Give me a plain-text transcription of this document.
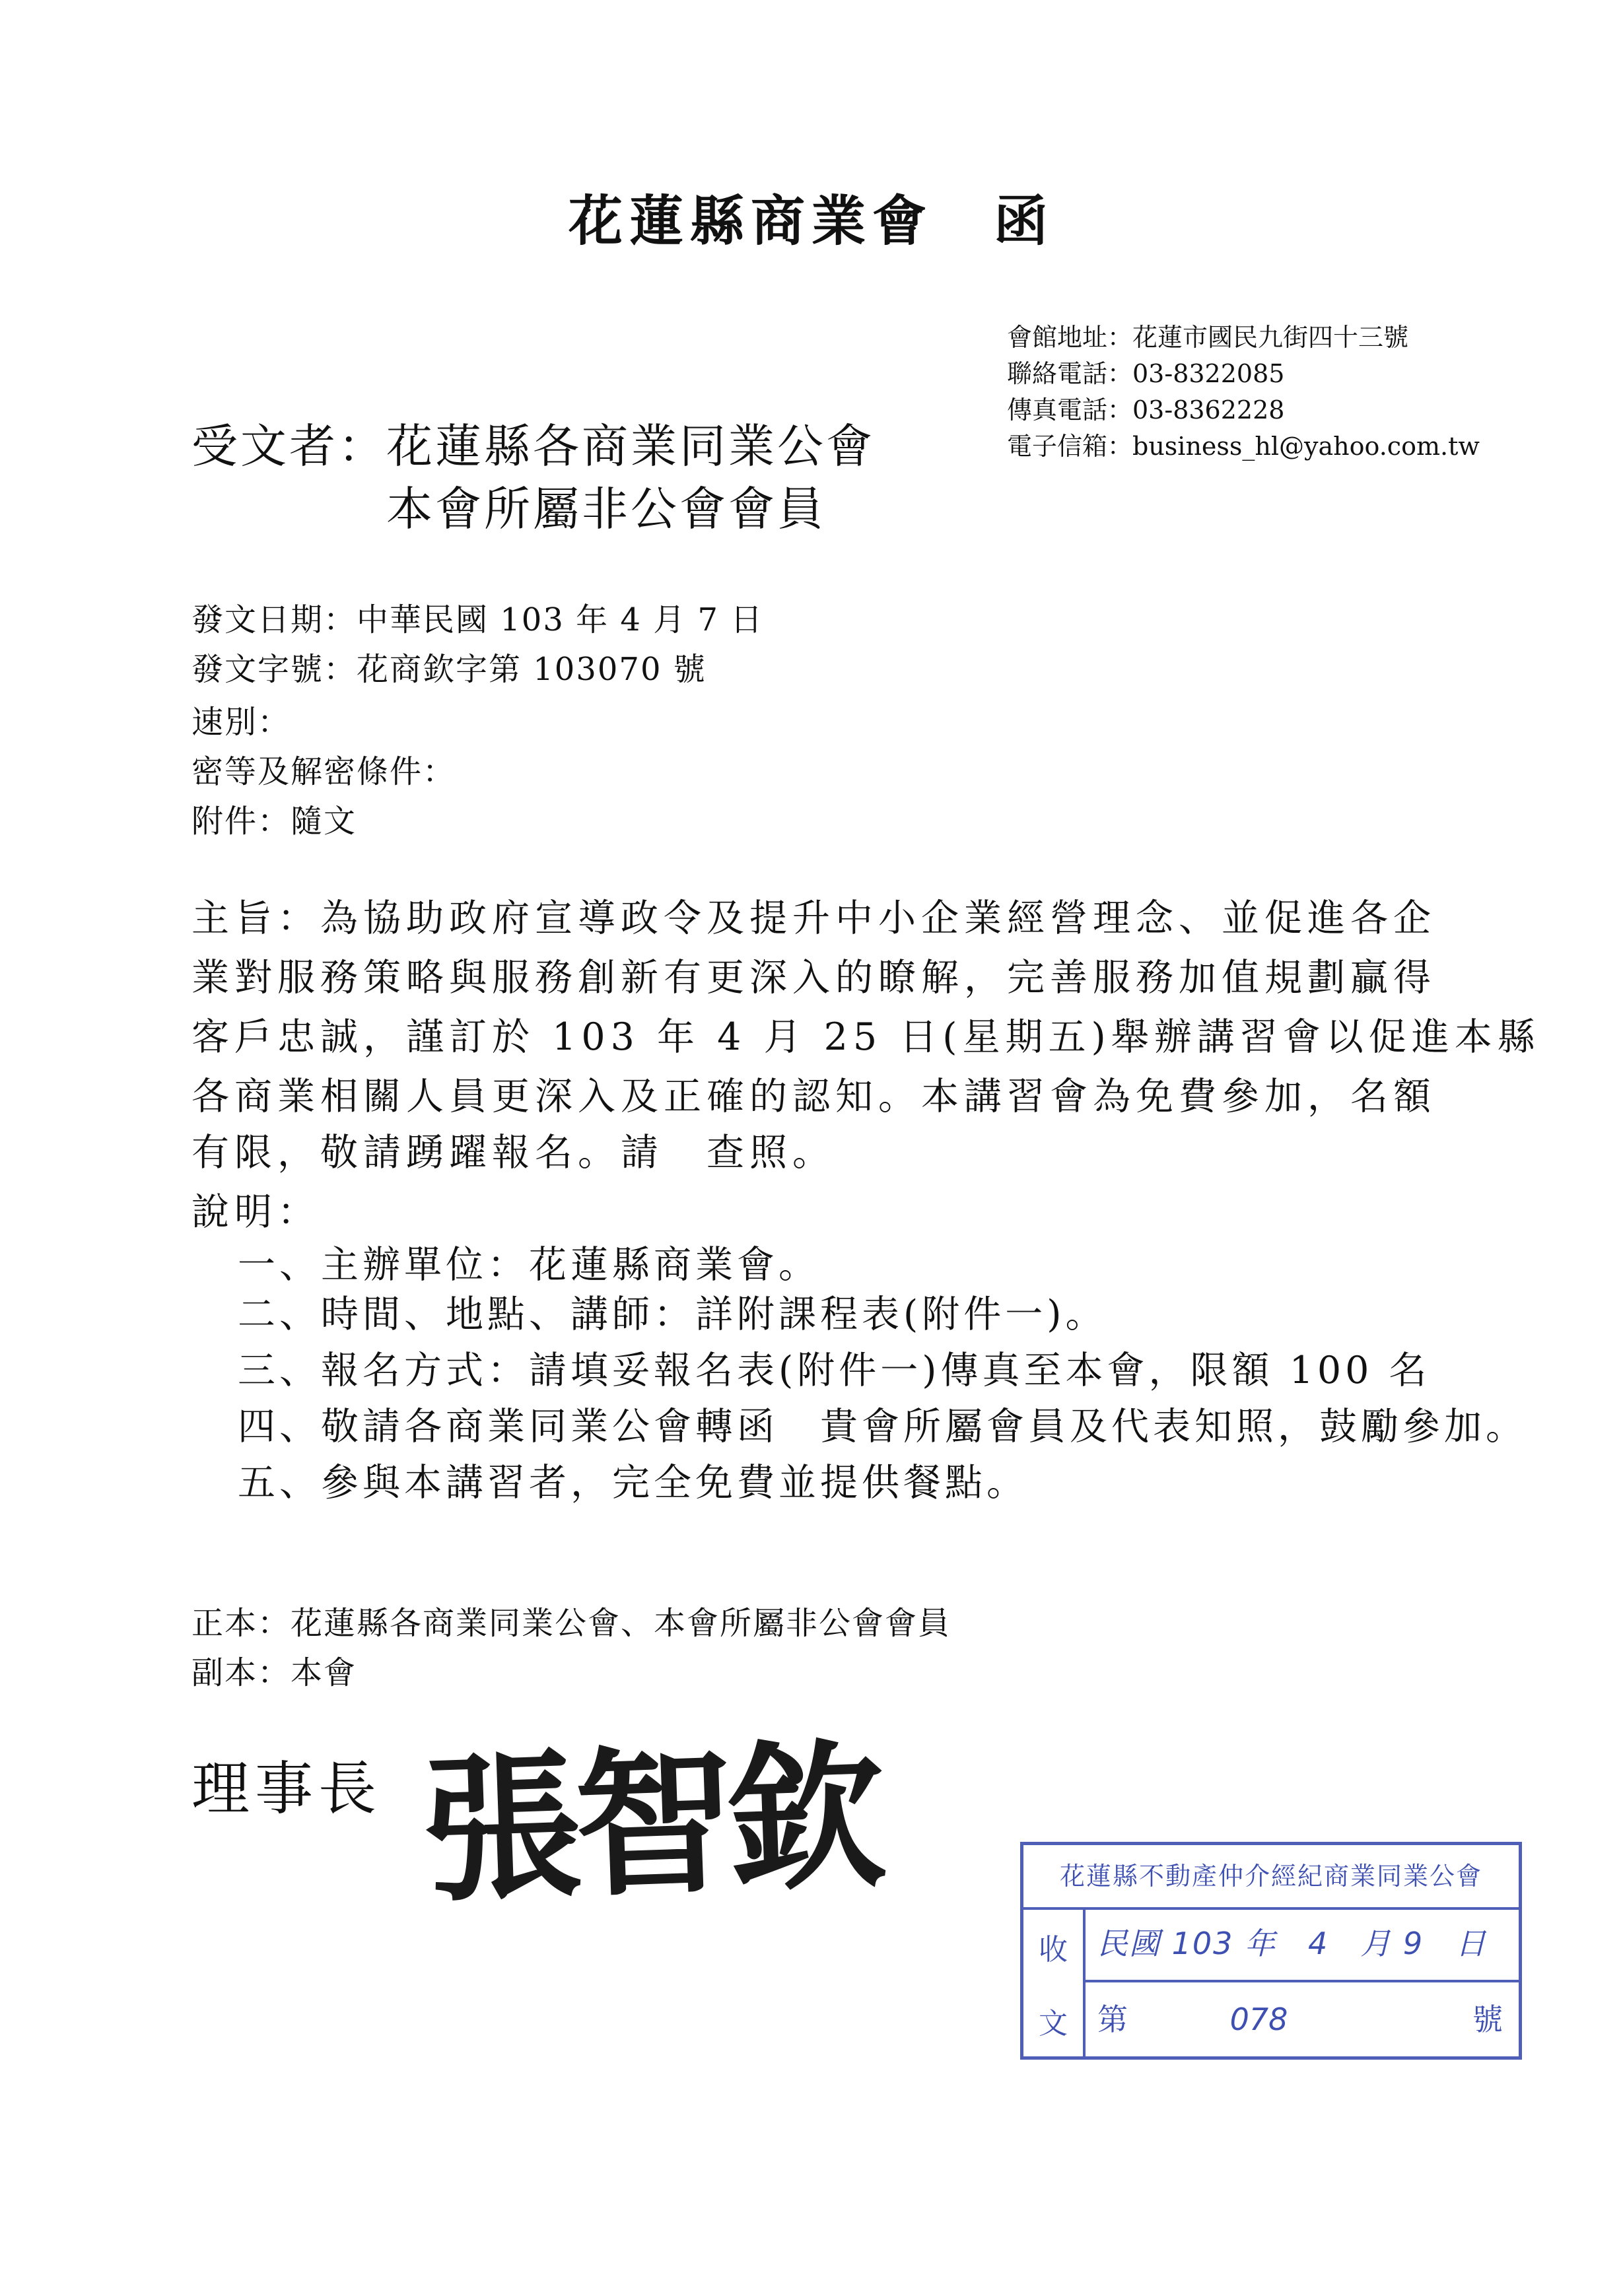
花蓮縣商業會　函
會館地址：花蓮市國民九街四十三號
聯絡電話：03-8322085
傳真電話：03-8362228
電子信箱：business_hl@yahoo.com.tw
受文者： 花蓮縣各商業同業公會
本會所屬非公會會員
發文日期：中華民國 103 年 4 月 7 日
發文字號：花商欽字第 103070 號
速別：
密等及解密條件：
附件：隨文
主旨：為協助政府宣導政令及提升中小企業經營理念、並促進各企
業對服務策略與服務創新有更深入的瞭解，完善服務加值規劃贏得
客戶忠誠，謹訂於 103 年 4 月 25 日(星期五)舉辦講習會以促進本縣
各商業相關人員更深入及正確的認知。本講習會為免費參加，名額
有限，敬請踴躍報名。請　查照。
說明：
一、主辦單位：花蓮縣商業會。
二、時間、地點、講師：詳附課程表(附件一)。
三、報名方式：請填妥報名表(附件一)傳真至本會，限額 100 名
四、敬請各商業同業公會轉函　貴會所屬會員及代表知照，鼓勵參加。
五、參與本講習者，完全免費並提供餐點。
正本：花蓮縣各商業同業公會、本會所屬非公會會員
副本：本會
理事長 張智欽	花蓮縣不動產仲介經紀商業同業公會
收
文
民國 103 年　4　月 9　日
第	078	號
